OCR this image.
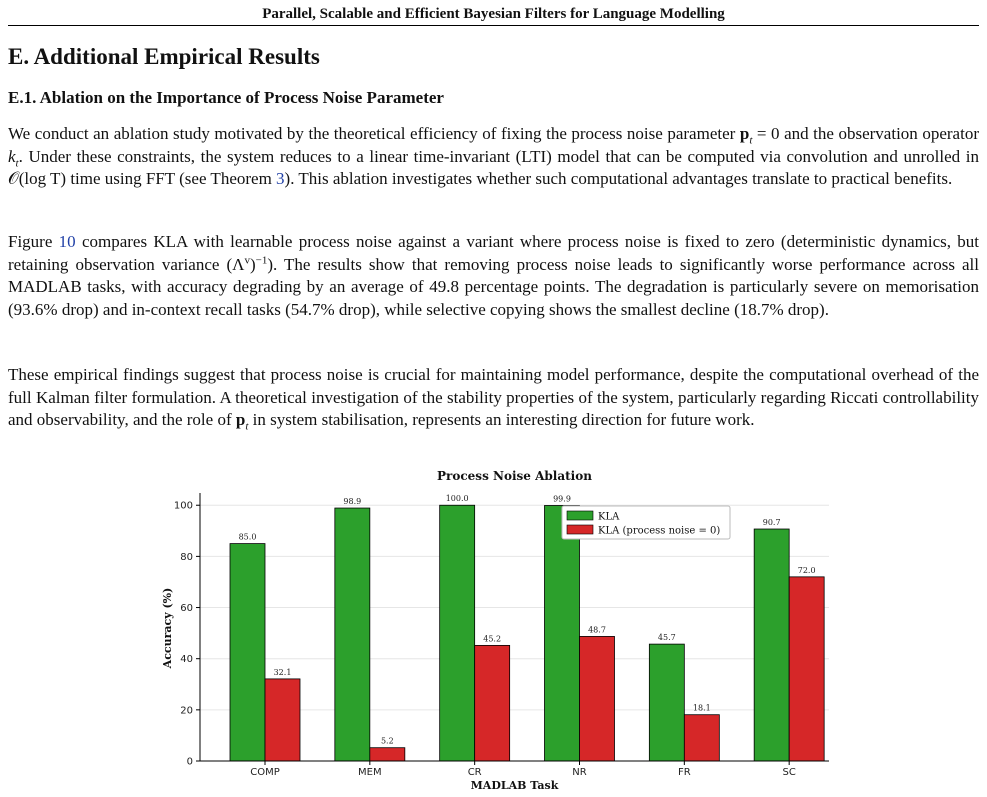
Parallel, Scalable and Efficient Bayesian Filters for Language Modelling
E. Additional Empirical Results
E.1. Ablation on the Importance of Process Noise Parameter

We conduct an ablation study motivated by the theoretical efficiency of fixing the process noise parameter $p_t = 0$ and the observation operator $k_t$. Under these constraints, the system reduces to a linear time-invariant (LTI) model that can be computed via convolution and unrolled in 𝒪(log T) time using FFT (see Theorem 3). This ablation investigates whether such computational advantages translate to practical benefits.

Figure 10 compares KLA with learnable process noise against a variant where process noise is fixed to zero (deterministic dynamics, but retaining observation variance $(\Lambda^v)^{-1}$). The results show that removing process noise leads to significantly worse performance across all MADLAB tasks, with accuracy degrading by an average of 49.8 percentage points. The degradation is particularly severe on memorisation (93.6% drop) and in-context recall tasks (54.7% drop), while selective copying shows the smallest decline (18.7% drop).

These empirical findings suggest that process noise is crucial for maintaining model performance, despite the computational overhead of the full Kalman filter formulation. A theoretical investigation of the stability properties of the system, particularly regarding Riccati controllability and observability, and the role of $p_t$ in system stabilisation, represents an interesting direction for future work.

Process Noise Ablation
0
20
40
60
80
100
85.0
32.1
COMP
98.9
5.2
MEM
100.0
45.2
CR
99.9
48.7
NR
45.7
18.1
FR
90.7
72.0
SC
MADLAB Task
Accuracy (%)
KLA
KLA (process noise = 0)
